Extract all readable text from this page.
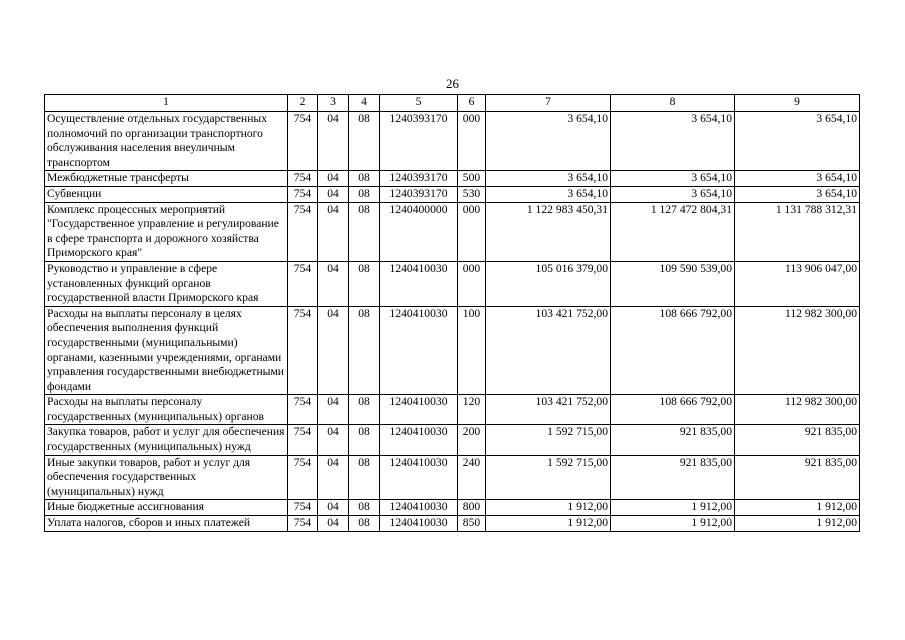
26
1	2	3	4	5	6	7	8	9
Осуществление отдельных государственных полномочий по организации транспортного обслуживания населения внеуличным транспортом	754	04	08	1240393170	000	3 654,10	3 654,10	3 654,10
Межбюджетные трансферты	754	04	08	1240393170	500	3 654,10	3 654,10	3 654,10
Субвенции	754	04	08	1240393170	530	3 654,10	3 654,10	3 654,10
Комплекс процессных мероприятий "Государственное управление и регулирование в сфере транспорта и дорожного хозяйства Приморского края"	754	04	08	1240400000	000	1 122 983 450,31	1 127 472 804,31	1 131 788 312,31
Руководство и управление в сфере установленных функций органов государственной власти Приморского края	754	04	08	1240410030	000	105 016 379,00	109 590 539,00	113 906 047,00
Расходы на выплаты персоналу в целях обеспечения выполнения функций государственными (муниципальными) органами, казенными учреждениями, органами управления государственными внебюджетными фондами	754	04	08	1240410030	100	103 421 752,00	108 666 792,00	112 982 300,00
Расходы на выплаты персоналу государственных (муниципальных) органов	754	04	08	1240410030	120	103 421 752,00	108 666 792,00	112 982 300,00
Закупка товаров, работ и услуг для обеспечения государственных (муниципальных) нужд	754	04	08	1240410030	200	1 592 715,00	921 835,00	921 835,00
Иные закупки товаров, работ и услуг для обеспечения государственных (муниципальных) нужд	754	04	08	1240410030	240	1 592 715,00	921 835,00	921 835,00
Иные бюджетные ассигнования	754	04	08	1240410030	800	1 912,00	1 912,00	1 912,00
Уплата налогов, сборов и иных платежей	754	04	08	1240410030	850	1 912,00	1 912,00	1 912,00
